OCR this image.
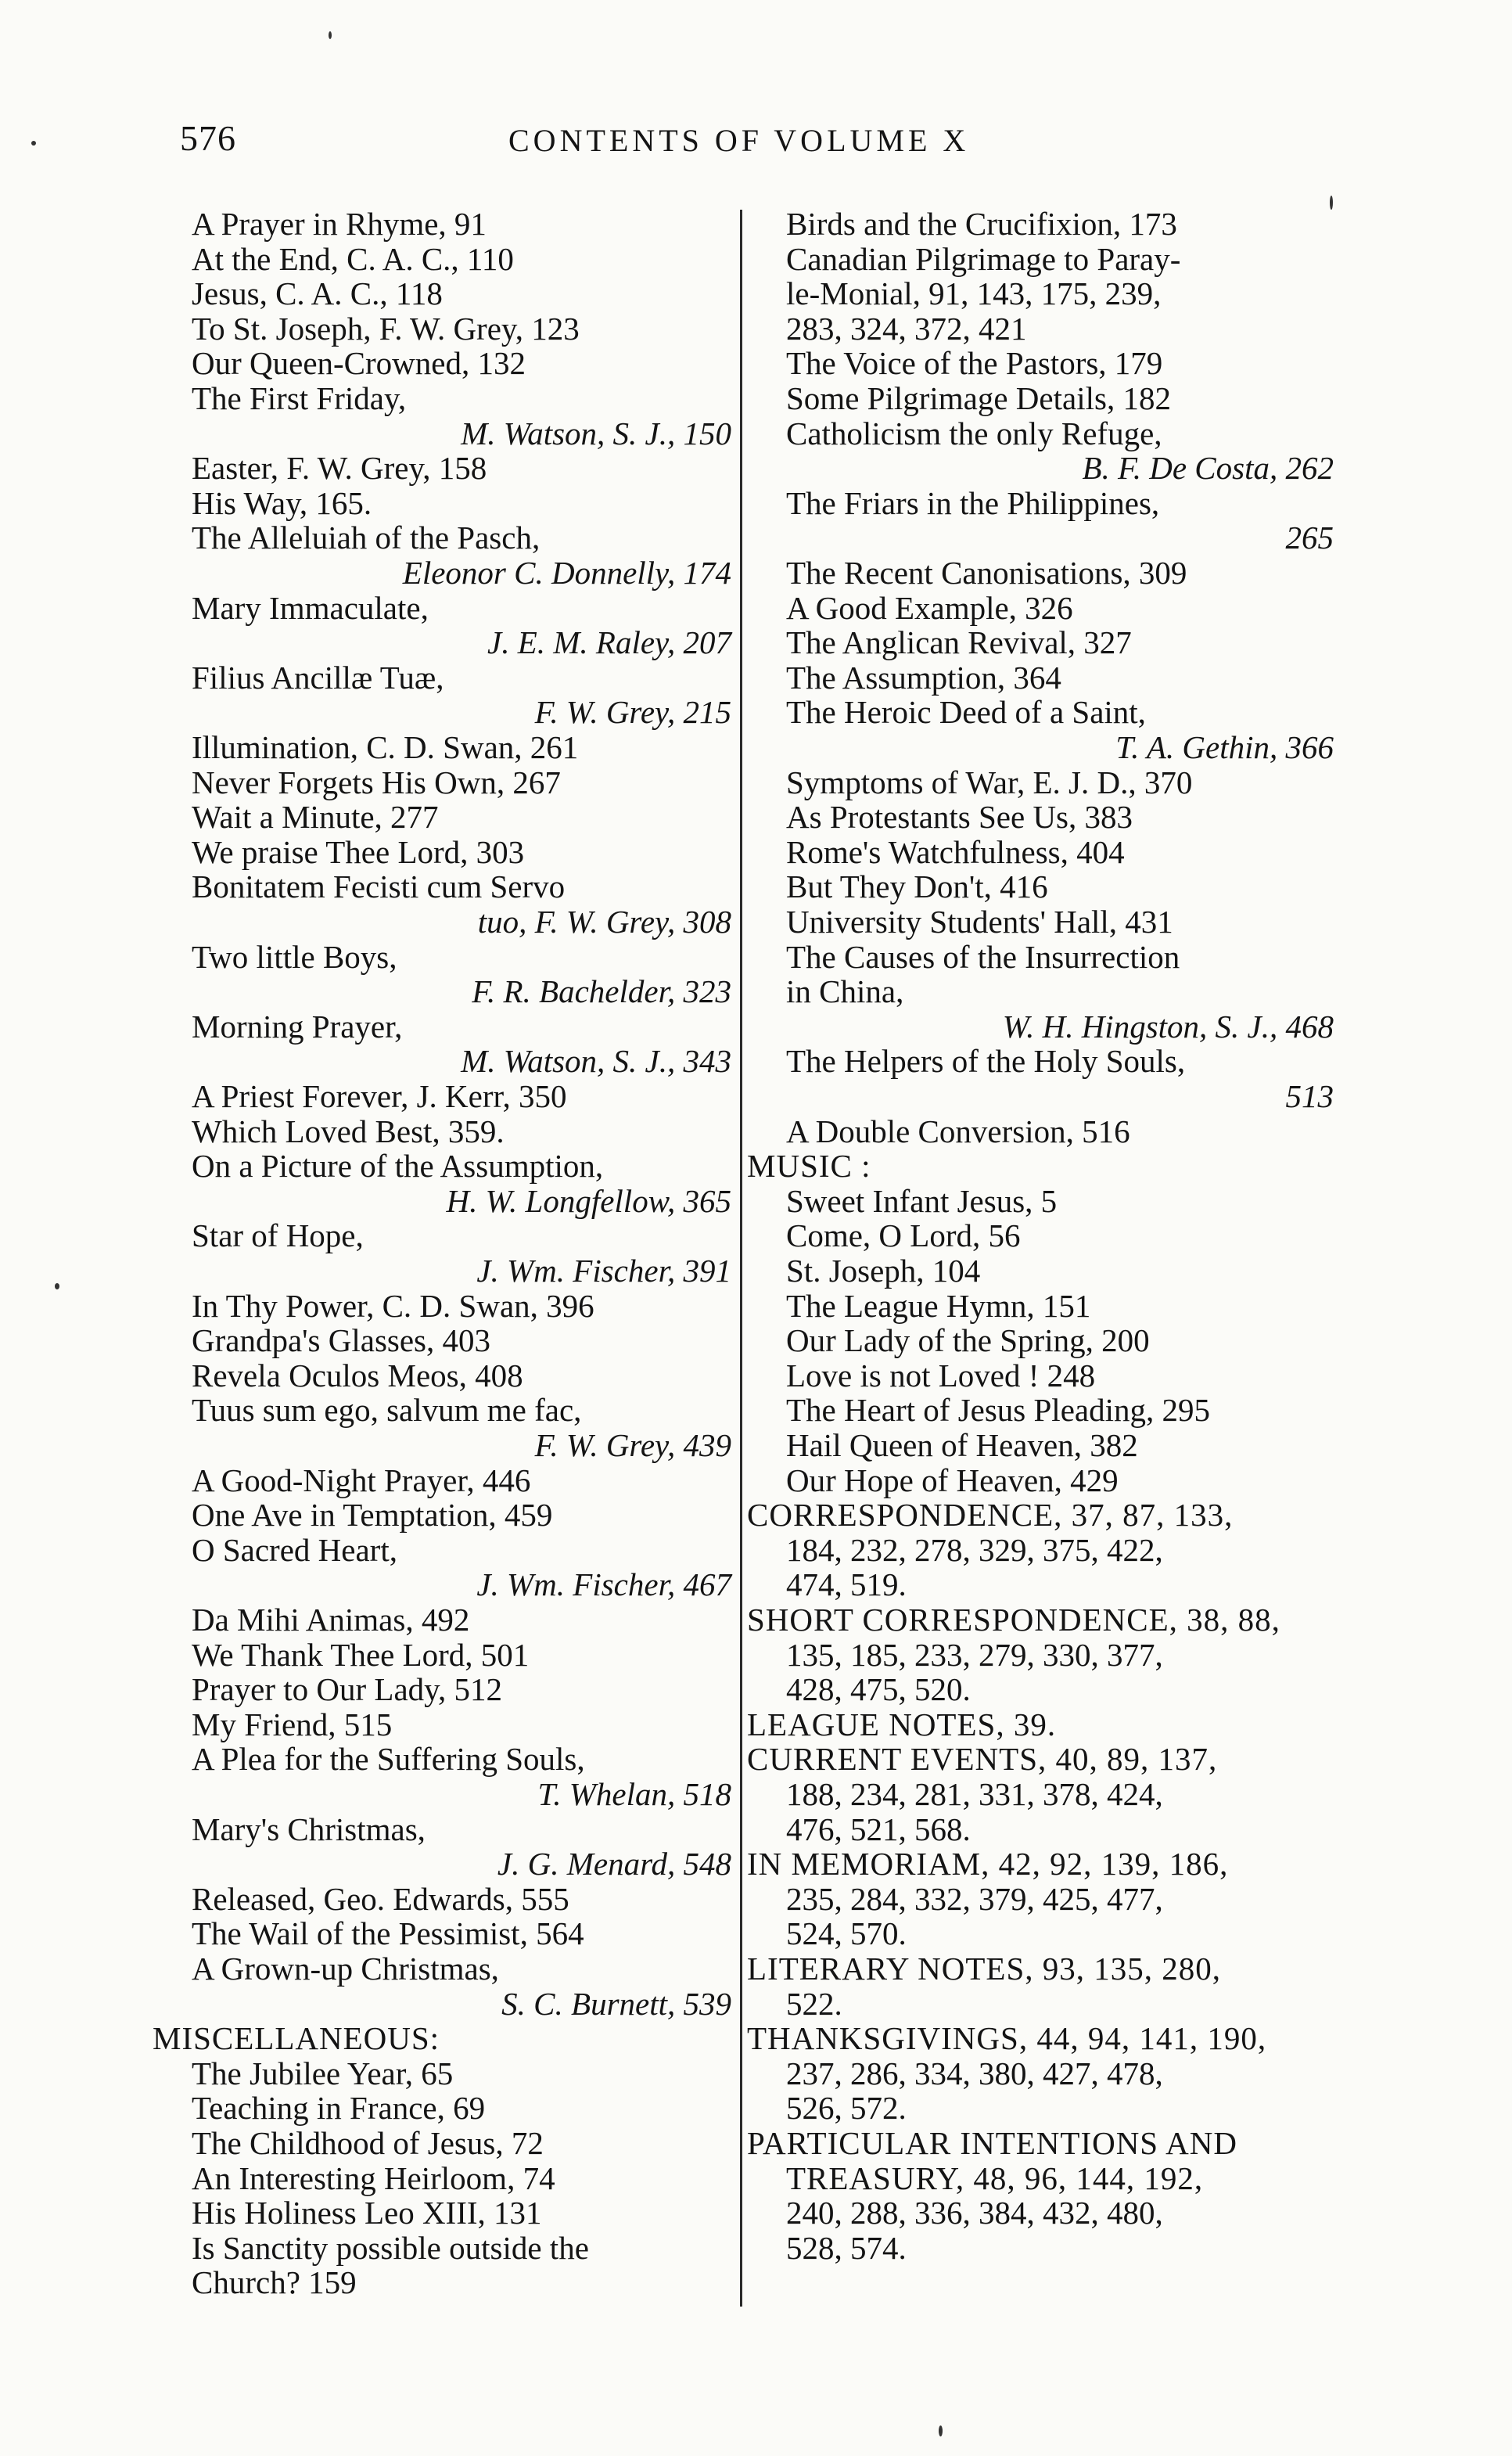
576	CONTENTS OF VOLUME X
A Prayer in Rhyme, 91
At the End, C. A. C., 110
Jesus, C. A. C., 118
To St. Joseph, F. W. Grey, 123
Our Queen-Crowned, 132
The First Friday,
M. Watson, S. J., 150
Easter, F. W. Grey, 158
His Way, 165.
The Alleluiah of the Pasch,
Eleonor C. Donnelly, 174
Mary Immaculate,
J. E. M. Raley, 207
Filius Ancillæ Tuæ,
F. W. Grey, 215
Illumination, C. D. Swan, 261
Never Forgets His Own, 267
Wait a Minute, 277
We praise Thee Lord, 303
Bonitatem Fecisti cum Servo
tuo, F. W. Grey, 308
Two little Boys,
F. R. Bachelder, 323
Morning Prayer,
M. Watson, S. J., 343
A Priest Forever, J. Kerr, 350
Which Loved Best, 359.
On a Picture of the Assumption,
H. W. Longfellow, 365
Star of Hope,
J. Wm. Fischer, 391
In Thy Power, C. D. Swan, 396
Grandpa's Glasses, 403
Revela Oculos Meos, 408
Tuus sum ego, salvum me fac,
F. W. Grey, 439
A Good-Night Prayer, 446
One Ave in Temptation, 459
O Sacred Heart,
J. Wm. Fischer, 467
Da Mihi Animas, 492
We Thank Thee Lord, 501
Prayer to Our Lady, 512
My Friend, 515
A Plea for the Suffering Souls,
T. Whelan, 518
Mary's Christmas,
J. G. Menard, 548
Released, Geo. Edwards, 555
The Wail of the Pessimist, 564
A Grown-up Christmas,
S. C. Burnett, 539
MISCELLANEOUS:
The Jubilee Year, 65
Teaching in France, 69
The Childhood of Jesus, 72
An Interesting Heirloom, 74
His Holiness Leo XIII, 131
Is Sanctity possible outside the
Church? 159
Birds and the Crucifixion, 173
Canadian Pilgrimage to Paray-
le-Monial, 91, 143, 175, 239,
283, 324, 372, 421
The Voice of the Pastors, 179
Some Pilgrimage Details, 182
Catholicism the only Refuge,
B. F. De Costa, 262
The Friars in the Philippines,
265
The Recent Canonisations, 309
A Good Example, 326
The Anglican Revival, 327
The Assumption, 364
The Heroic Deed of a Saint,
T. A. Gethin, 366
Symptoms of War, E. J. D., 370
As Protestants See Us, 383
Rome's Watchfulness, 404
But They Don't, 416
University Students' Hall, 431
The Causes of the Insurrection
in China,
W. H. Hingston, S. J., 468
The Helpers of the Holy Souls,
513
A Double Conversion, 516
MUSIC :
Sweet Infant Jesus, 5
Come, O Lord, 56
St. Joseph, 104
The League Hymn, 151
Our Lady of the Spring, 200
Love is not Loved ! 248
The Heart of Jesus Pleading, 295
Hail Queen of Heaven, 382
Our Hope of Heaven, 429
CORRESPONDENCE, 37, 87, 133,
184, 232, 278, 329, 375, 422,
474, 519.
SHORT CORRESPONDENCE, 38, 88,
135, 185, 233, 279, 330, 377,
428, 475, 520.
LEAGUE NOTES, 39.
CURRENT EVENTS, 40, 89, 137,
188, 234, 281, 331, 378, 424,
476, 521, 568.
IN MEMORIAM, 42, 92, 139, 186,
235, 284, 332, 379, 425, 477,
524, 570.
LITERARY NOTES, 93, 135, 280,
522.
THANKSGIVINGS, 44, 94, 141, 190,
237, 286, 334, 380, 427, 478,
526, 572.
PARTICULAR INTENTIONS AND
TREASURY, 48, 96, 144, 192,
240, 288, 336, 384, 432, 480,
528, 574.
